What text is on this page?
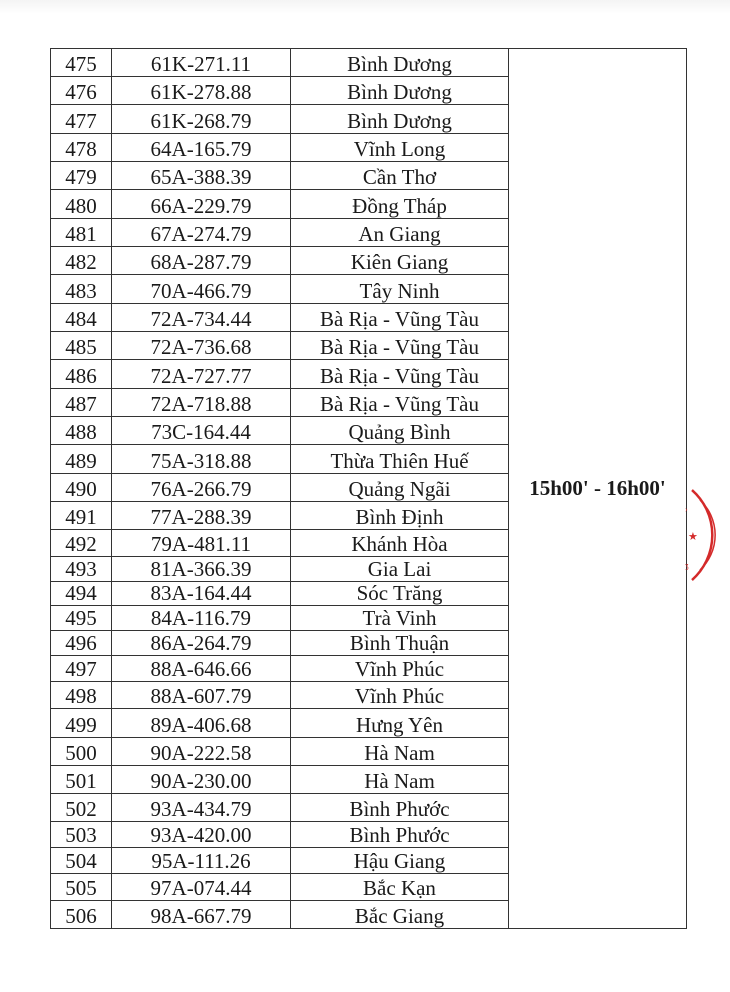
475	61K-271.11	Bình Dương	15h00' - 16h00'

476	61K-278.88	Bình Dương	

477	61K-268.79	Bình Dương	

478	64A-165.79	Vĩnh Long	

479	65A-388.39	Cần Thơ	

480	66A-229.79	Đồng Tháp	

481	67A-274.79	An Giang	

482	68A-287.79	Kiên Giang	

483	70A-466.79	Tây Ninh	

484	72A-734.44	Bà Rịa - Vũng Tàu	

485	72A-736.68	Bà Rịa - Vũng Tàu	

486	72A-727.77	Bà Rịa - Vũng Tàu	

487	72A-718.88	Bà Rịa - Vũng Tàu	

488	73C-164.44	Quảng Bình	

489	75A-318.88	Thừa Thiên Huế	

490	76A-266.79	Quảng Ngãi	

491	77A-288.39	Bình Định	

492	79A-481.11	Khánh Hòa	

493	81A-366.39	Gia Lai	

494	83A-164.44	Sóc Trăng	

495	84A-116.79	Trà Vinh	

496	86A-264.79	Bình Thuận	

497	88A-646.66	Vĩnh Phúc	

498	88A-607.79	Vĩnh Phúc	

499	89A-406.68	Hưng Yên	

500	90A-222.58	Hà Nam	

501	90A-230.00	Hà Nam	

502	93A-434.79	Bình Phước	

503	93A-420.00	Bình Phước	

504	95A-111.26	Hậu Giang	

505	97A-074.44	Bắc Kạn	

506	98A-667.79	Bắc Giang	
★
›
ʒ
